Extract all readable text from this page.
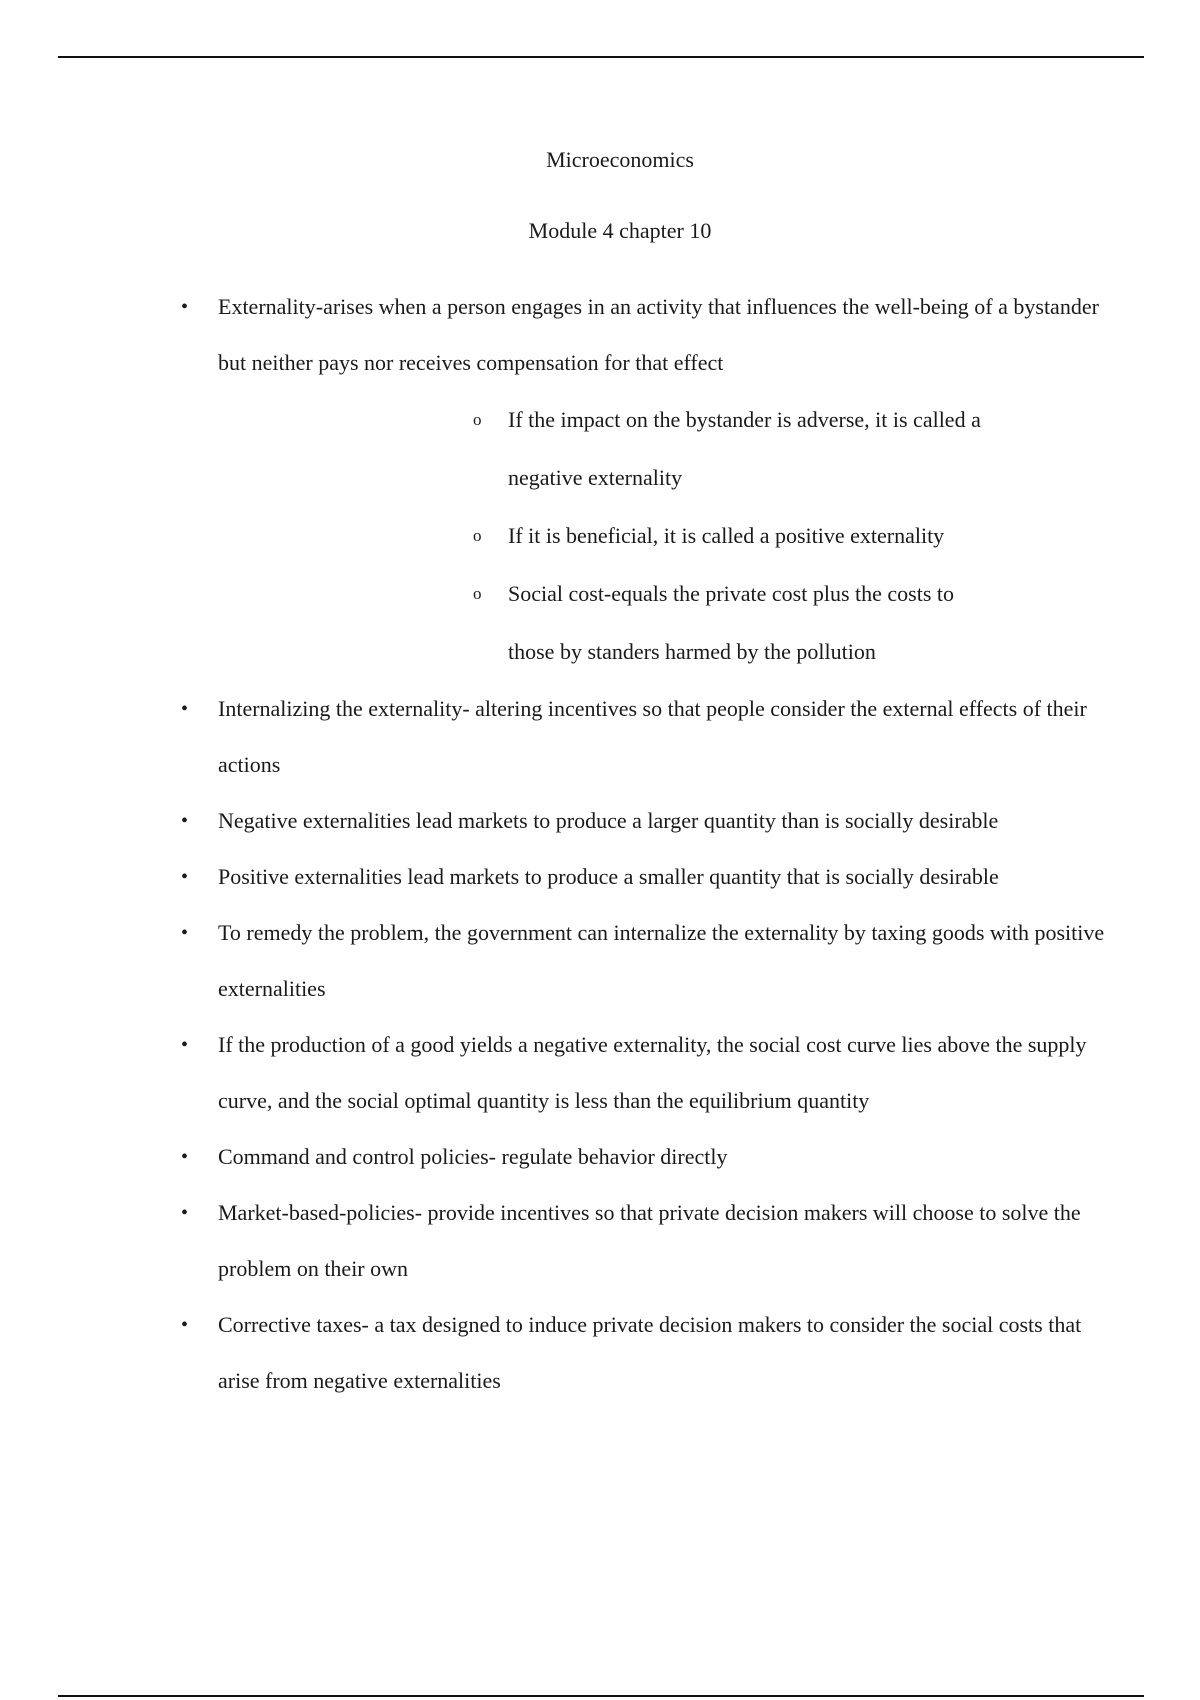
Microeconomics
Module 4 chapter 10
• Externality-arises when a person engages in an activity that influences the well-being of a bystander but neither pays nor receives compensation for that effect
o If the impact on the bystander is adverse, it is called a negative externality
o If it is beneficial, it is called a positive externality
o Social cost-equals the private cost plus the costs to those by standers harmed by the pollution
• Internalizing the externality- altering incentives so that people consider the external effects of their actions
• Negative externalities lead markets to produce a larger quantity than is socially desirable
• Positive externalities lead markets to produce a smaller quantity that is socially desirable
• To remedy the problem, the government can internalize the externality by taxing goods with positive externalities
• If the production of a good yields a negative externality, the social cost curve lies above the supply curve, and the social optimal quantity is less than the equilibrium quantity
• Command and control policies- regulate behavior directly
• Market-based-policies- provide incentives so that private decision makers will choose to solve the problem on their own
• Corrective taxes- a tax designed to induce private decision makers to consider the social costs that arise from negative externalities
